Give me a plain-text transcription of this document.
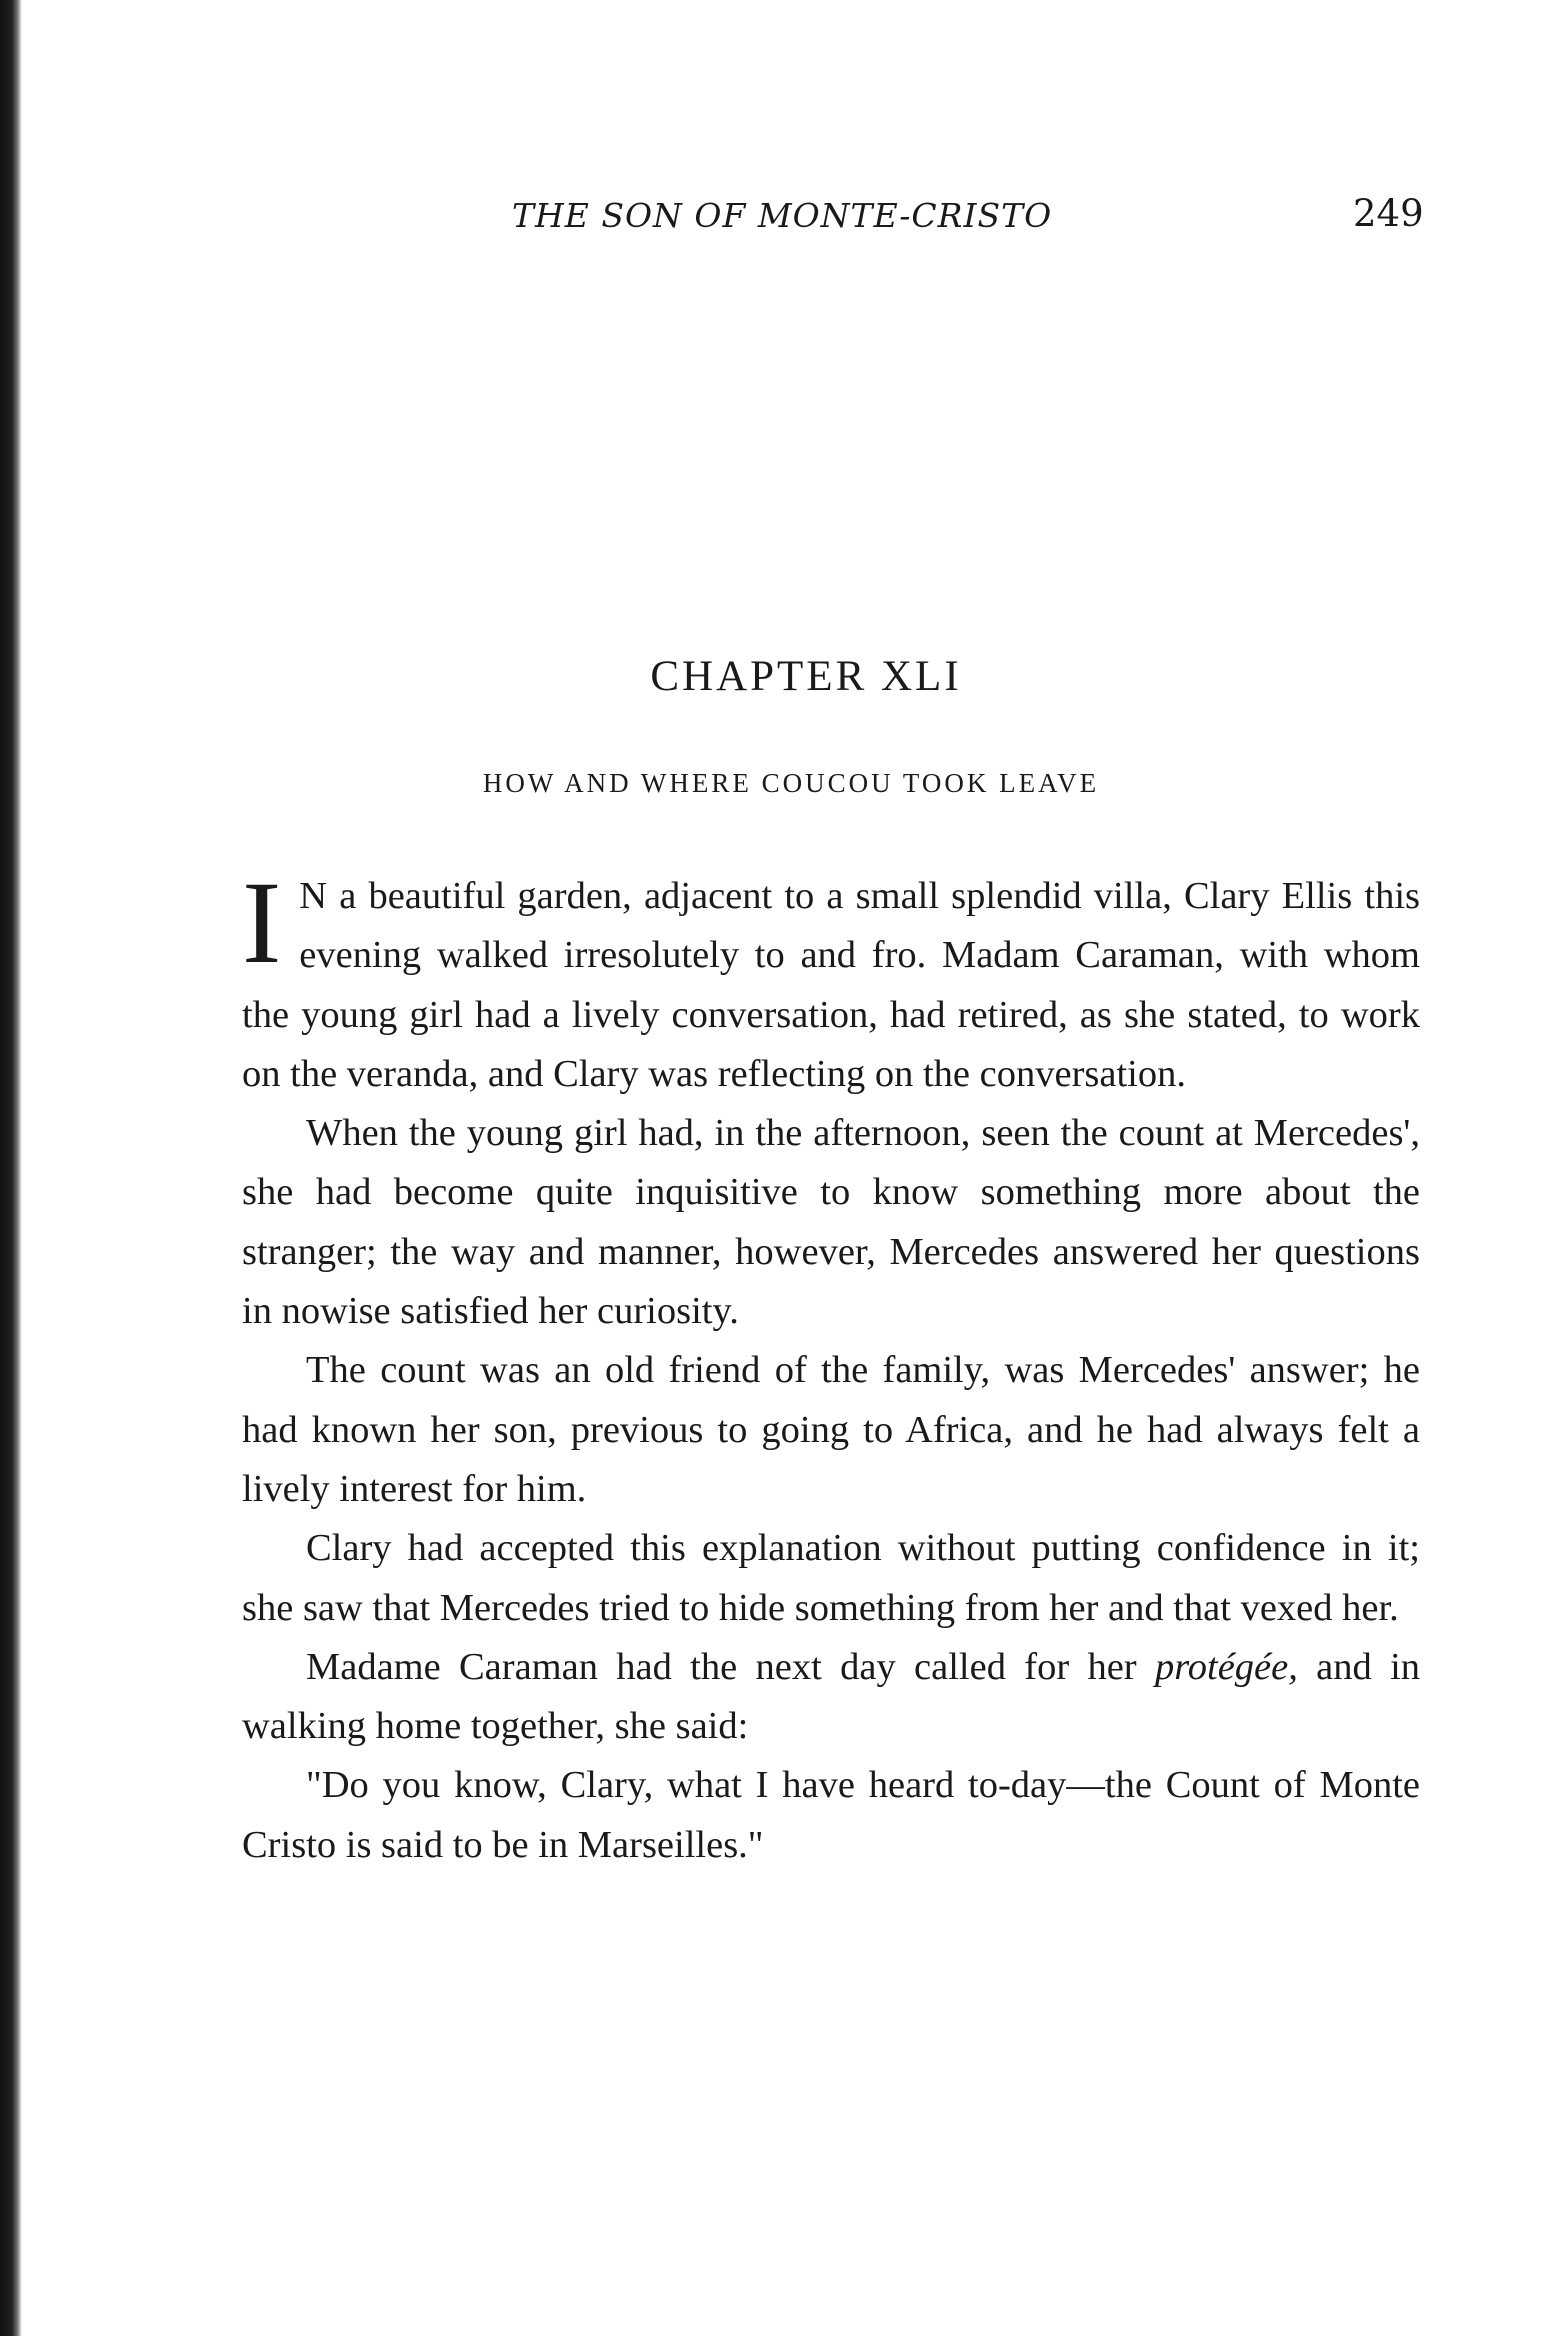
THE SON OF MONTE-CRISTO	249
CHAPTER XLI
HOW AND WHERE COUCOU TOOK LEAVE

I N a beautiful garden, adjacent to a small splendid villa, Clary Ellis this evening walked irresolutely to and fro. Madam Caraman, with whom the young girl had a lively conversation, had retired, as she stated, to work on the veranda, and Clary was reflecting on the conversation.

When the young girl had, in the afternoon, seen the count at Mercedes', she had become quite inquisitive to know something more about the stranger; the way and manner, however, Mercedes answered her questions in nowise satisfied her curiosity.

The count was an old friend of the family, was Mercedes' answer; he had known her son, previous to going to Africa, and he had always felt a lively interest for him.

Clary had accepted this explanation without putting confidence in it; she saw that Mercedes tried to hide something from her and that vexed her.

Madame Caraman had the next day called for her protégée, and in walking home together, she said:

"Do you know, Clary, what I have heard to-day—the Count of Monte Cristo is said to be in Marseilles."
